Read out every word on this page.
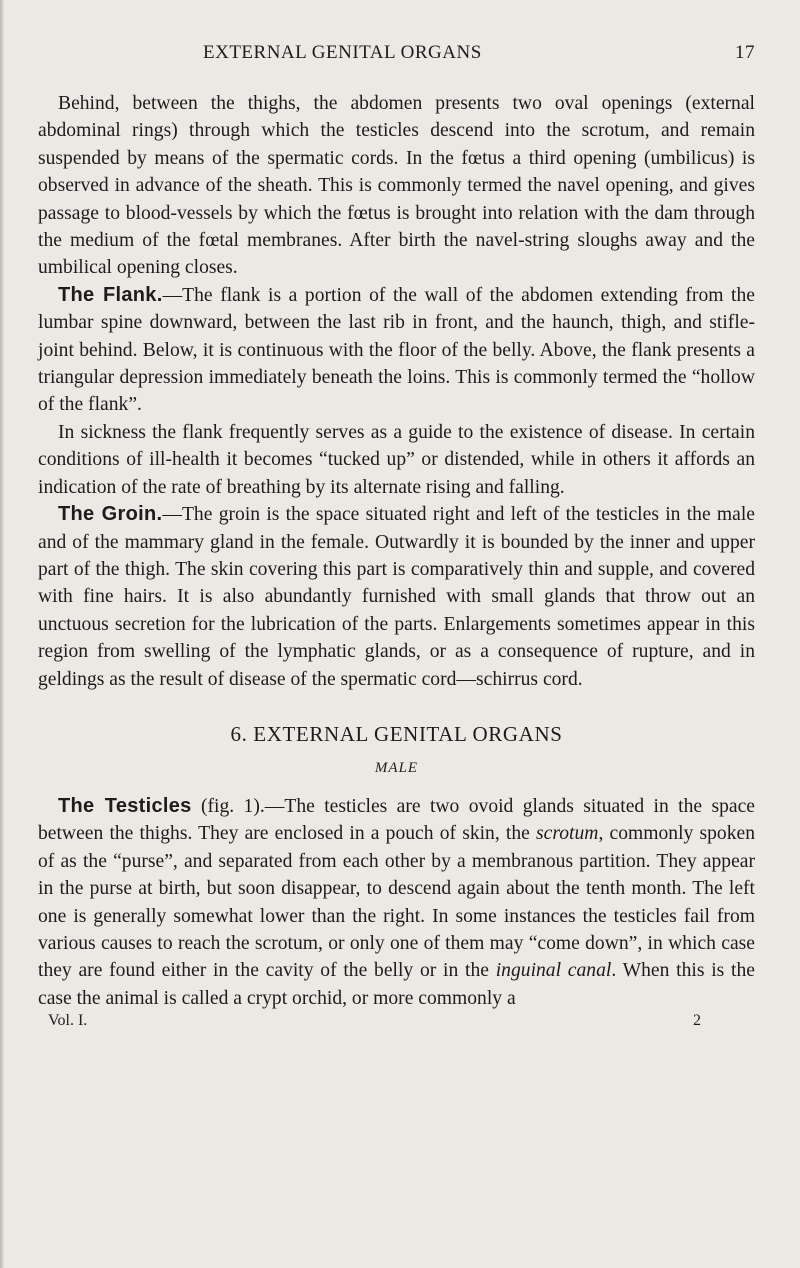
EXTERNAL GENITAL ORGANS	17

Behind, between the thighs, the abdomen presents two oval openings (external abdominal rings) through which the testicles descend into the scrotum, and remain suspended by means of the spermatic cords. In the fœtus a third opening (umbilicus) is observed in advance of the sheath. This is commonly termed the navel opening, and gives passage to blood-vessels by which the fœtus is brought into relation with the dam through the medium of the fœtal membranes. After birth the navel-string sloughs away and the umbilical opening closes.

The Flank.—The flank is a portion of the wall of the abdomen extending from the lumbar spine downward, between the last rib in front, and the haunch, thigh, and stifle-joint behind. Below, it is continuous with the floor of the belly. Above, the flank presents a triangular depression immediately beneath the loins. This is commonly termed the “hollow of the flank”.

In sickness the flank frequently serves as a guide to the existence of disease. In certain conditions of ill-health it becomes “tucked up” or distended, while in others it affords an indication of the rate of breathing by its alternate rising and falling.

The Groin.—The groin is the space situated right and left of the testicles in the male and of the mammary gland in the female. Outwardly it is bounded by the inner and upper part of the thigh. The skin covering this part is comparatively thin and supple, and covered with fine hairs. It is also abundantly furnished with small glands that throw out an unctuous secretion for the lubrication of the parts. Enlargements sometimes appear in this region from swelling of the lymphatic glands, or as a consequence of rupture, and in geldings as the result of disease of the spermatic cord—schirrus cord.

6. EXTERNAL GENITAL ORGANS
MALE

The Testicles (fig. 1).—The testicles are two ovoid glands situated in the space between the thighs. They are enclosed in a pouch of skin, the scrotum, commonly spoken of as the “purse”, and separated from each other by a membranous partition. They appear in the purse at birth, but soon disappear, to descend again about the tenth month. The left one is generally somewhat lower than the right. In some instances the testicles fail from various causes to reach the scrotum, or only one of them may “come down”, in which case they are found either in the cavity of the belly or in the inguinal canal. When this is the case the animal is called a crypt orchid, or more commonly a

Vol. I.	2
